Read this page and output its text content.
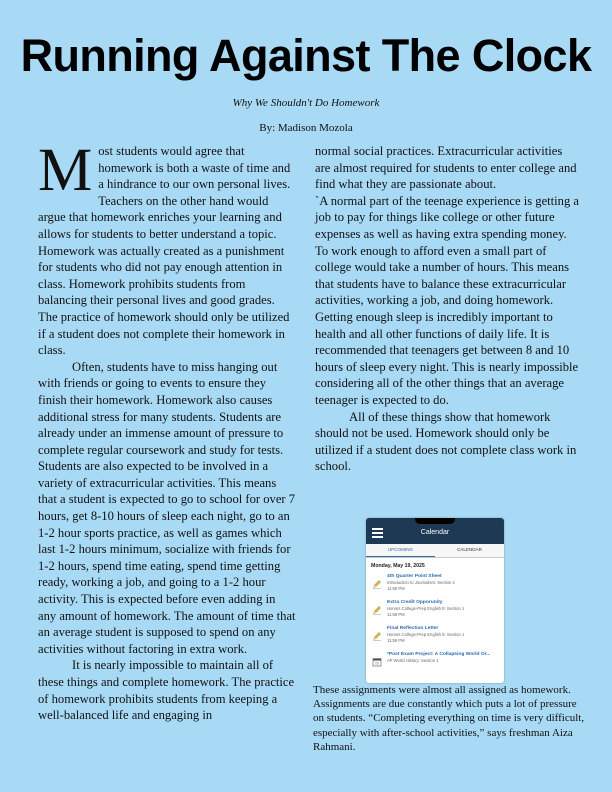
Running Against The Clock
Why We Shouldn't Do Homework
By: Madison Mozola

Most students would agree that homework is both a waste of time and a hindrance to our own personal lives. Teachers on the other hand would argue that homework enriches your learning and allows for students to better understand a topic. Homework was actually created as a punishment for students who did not pay enough attention in class. Homework prohibits students from balancing their personal lives and good grades. The practice of homework should only be utilized if a student does not complete their homework in class.

Often, students have to miss hanging out with friends or going to events to ensure they finish their homework. Homework also causes additional stress for many students. Students are already under an immense amount of pressure to complete regular coursework and study for tests. Students are also expected to be involved in a variety of extracurricular activities. This means that a student is expected to go to school for over 7 hours, get 8-10 hours of sleep each night, go to an 1-2 hour sports practice, as well as games which last 1-2 hours minimum, socialize with friends for 1-2 hours, spend time eating, spend time getting ready, working a job, and going to a 1-2 hour activity. This is expected before even adding in any amount of homework. The amount of time that an average student is supposed to spend on any activities without factoring in extra work.

It is nearly impossible to maintain all of these things and complete homework. The practice of homework prohibits students from keeping a well-balanced life and engaging in

normal social practices. Extracurricular activities are almost required for students to enter college and find what they are passionate about.

`A normal part of the teenage experience is getting a job to pay for things like college or other future expenses as well as having extra spending money. To work enough to afford even a small part of college would take a number of hours. This means that students have to balance these extracurricular activities, working a job, and doing homework. Getting enough sleep is incredibly important to health and all other functions of daily life. It is recommended that teenagers get between 8 and 10 hours of sleep every night. This is nearly impossible considering all of the other things that an average teenager is expected to do.

All of these things show that homework should not be used. Homework should only be utilized if a student does not complete class work in school.

Calendar
UPCOMING	CALENDAR
Monday, May 19, 2025
4th Quarter Point Sheet
Introduction to Journalism: Section 2
11:59 PM
Extra Credit Opporunity
Honors College-Prep English 9: Section 1
11:59 PM
Final Reflection Letter
Honors College-Prep English 9: Section 1
11:59 PM
*Post Exam Project: A Collapsing World Or...
AP World History: Section 1
These assignments were almost all assigned as homework. Assignments are due constantly which puts a lot of pressure on students. “Completing everything on time is very difficult, especially with after-school activities,” says freshman Aiza Rahmani.
